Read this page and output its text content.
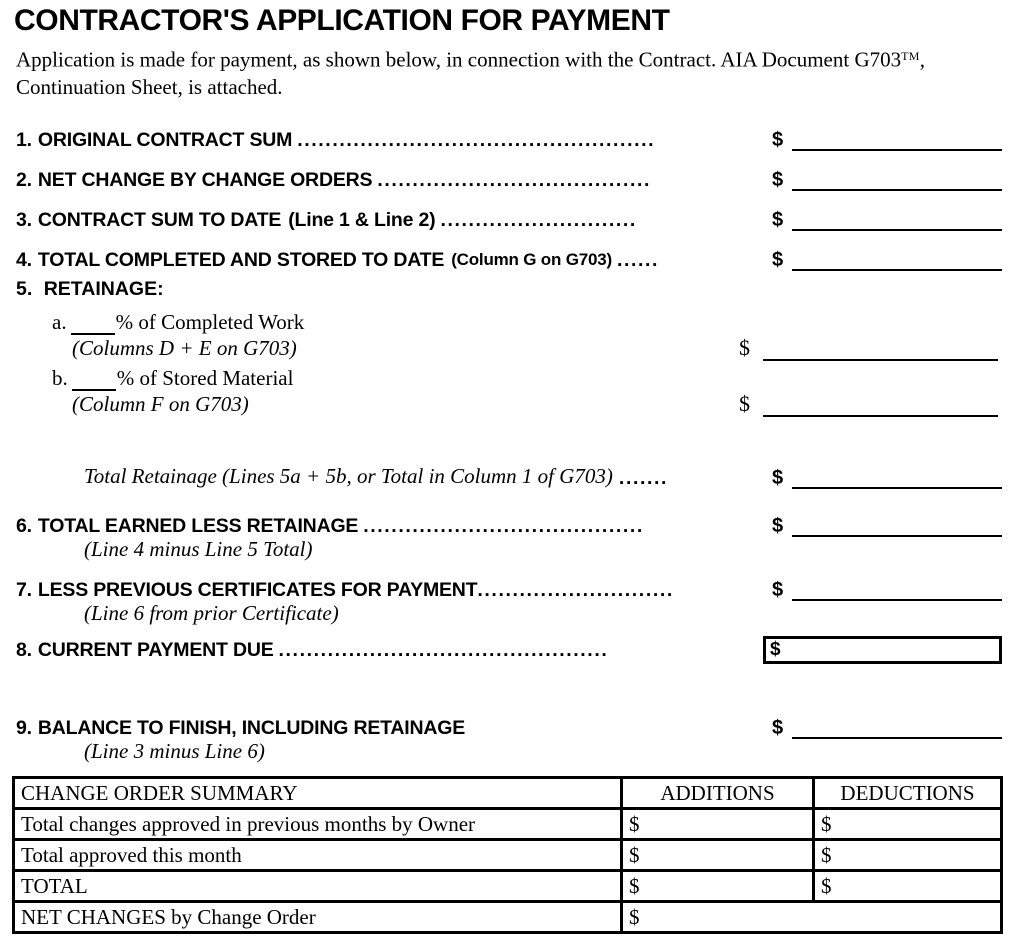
CONTRACTOR'S APPLICATION FOR PAYMENT
Application is made for payment, as shown below, in connection with the Contract. AIA Document G703™, Continuation Sheet, is attached.
1. ORIGINAL CONTRACT SUM ...................................................	$
2. NET CHANGE BY CHANGE ORDERS .......................................	$
3. CONTRACT SUM TO DATE (Line 1 & Line 2) ............................	$
4. TOTAL COMPLETED AND STORED TO DATE (Column G on G703) ......	$
5. RETAINAGE:
a. % of Completed Work
(Columns D + E on G703)	$
b. % of Stored Material
(Column F on G703)	$
Total Retainage (Lines 5a + 5b, or Total in Column 1 of G703) .......	$
6. TOTAL EARNED LESS RETAINAGE ........................................	$
(Line 4 minus Line 5 Total)
7. LESS PREVIOUS CERTIFICATES FOR PAYMENT ............................	$
(Line 6 from prior Certificate)
8. CURRENT PAYMENT DUE ...............................................	$
9. BALANCE TO FINISH, INCLUDING RETAINAGE	$
(Line 3 minus Line 6)
CHANGE ORDER SUMMARY	ADDITIONS	DEDUCTIONS
Total changes approved in previous months by Owner	$	$
Total approved this month	$	$
TOTAL	$	$
NET CHANGES by Change Order	$	
